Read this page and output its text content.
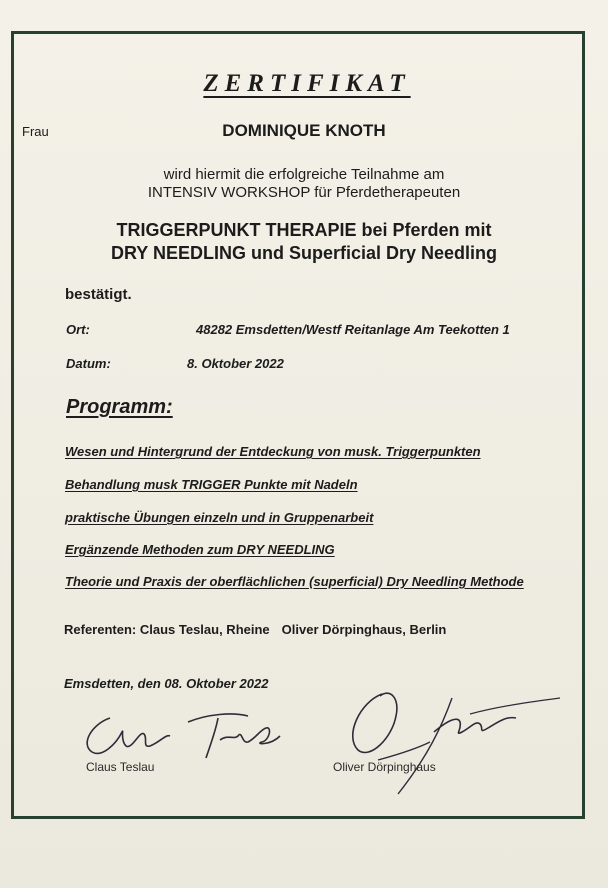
ZERTIFIKAT
Frau	DOMINIQUE KNOTH
wird hiermit die erfolgreiche Teilnahme am
INTENSIV WORKSHOP für Pferdetherapeuten
TRIGGERPUNKT THERAPIE bei Pferden mit
DRY NEEDLING und Superficial Dry Needling
bestätigt.
Ort:	48282 Emsdetten/Westf Reitanlage Am Teekotten 1
Datum:	8. Oktober 2022
Programm:
Wesen und Hintergrund der Entdeckung von musk. Triggerpunkten
Behandlung musk TRIGGER Punkte mit Nadeln
praktische Übungen einzeln und in Gruppenarbeit
Ergänzende Methoden zum DRY NEEDLING
Theorie und Praxis der oberflächlichen (superficial) Dry Needling Methode
Referenten: Claus Teslau, Rheine Oliver Dörpinghaus, Berlin
Emsdetten, den 08. Oktober 2022
Claus Teslau	Oliver Dörpinghaus
